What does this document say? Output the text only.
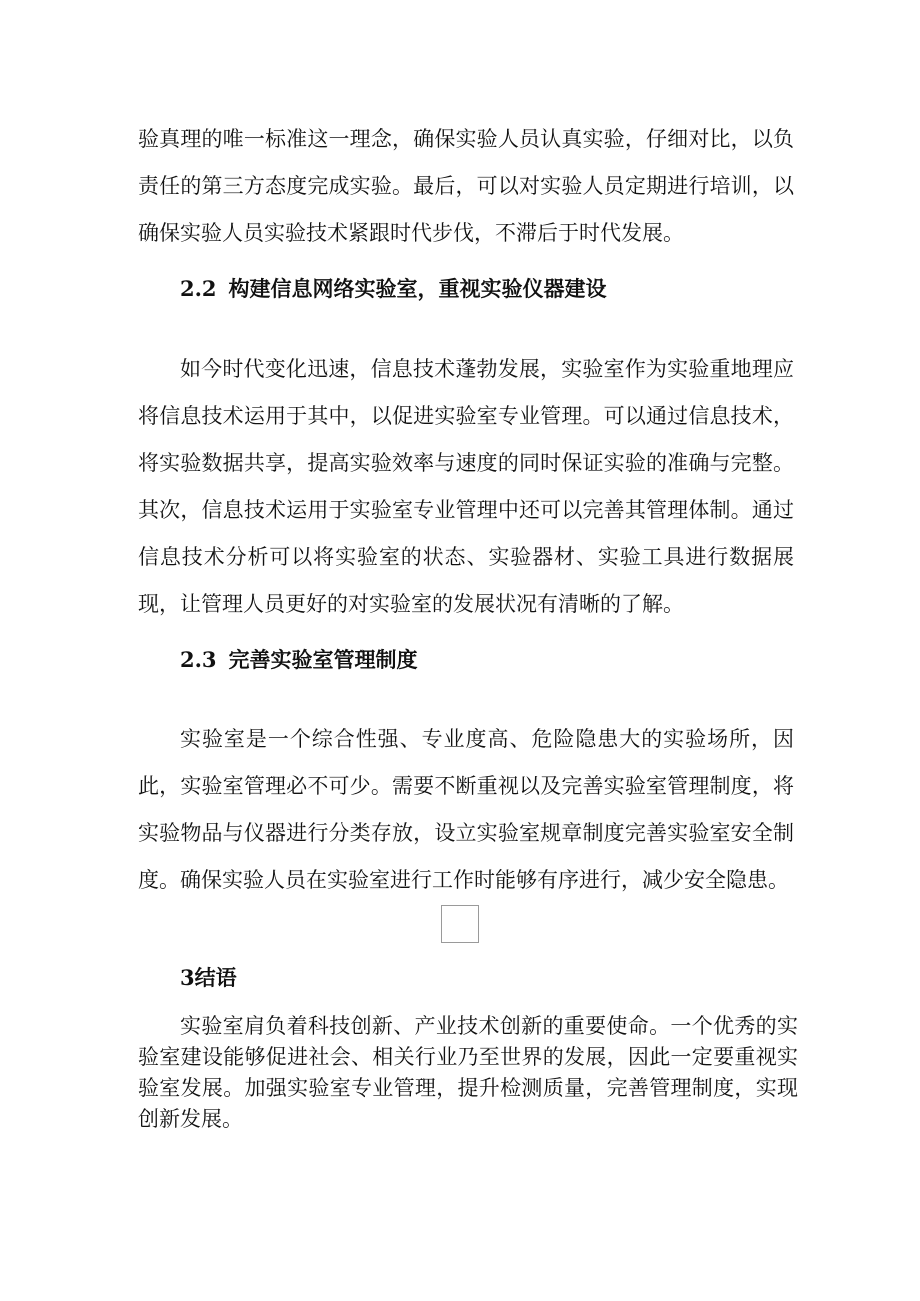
验真理的唯一标准这一理念，确保实验人员认真实验，仔细对比，以负责任的第三方态度完成实验。最后，可以对实验人员定期进行培训，以确保实验人员实验技术紧跟时代步伐，不滞后于时代发展。

2.2 构建信息网络实验室，重视实验仪器建设

如今时代变化迅速，信息技术蓬勃发展，实验室作为实验重地理应将信息技术运用于其中，以促进实验室专业管理。可以通过信息技术，将实验数据共享，提高实验效率与速度的同时保证实验的准确与完整。其次，信息技术运用于实验室专业管理中还可以完善其管理体制。通过信息技术分析可以将实验室的状态、实验器材、实验工具进行数据展现，让管理人员更好的对实验室的发展状况有清晰的了解。

2.3 完善实验室管理制度

实验室是一个综合性强、专业度高、危险隐患大的实验场所，因此，实验室管理必不可少。需要不断重视以及完善实验室管理制度，将实验物品与仪器进行分类存放，设立实验室规章制度完善实验室安全制度。确保实验人员在实验室进行工作时能够有序进行，减少安全隐患。

3结语

实验室肩负着科技创新、产业技术创新的重要使命。一个优秀的实验室建设能够促进社会、相关行业乃至世界的发展，因此一定要重视实验室发展。加强实验室专业管理，提升检测质量，完善管理制度，实现创新发展。
